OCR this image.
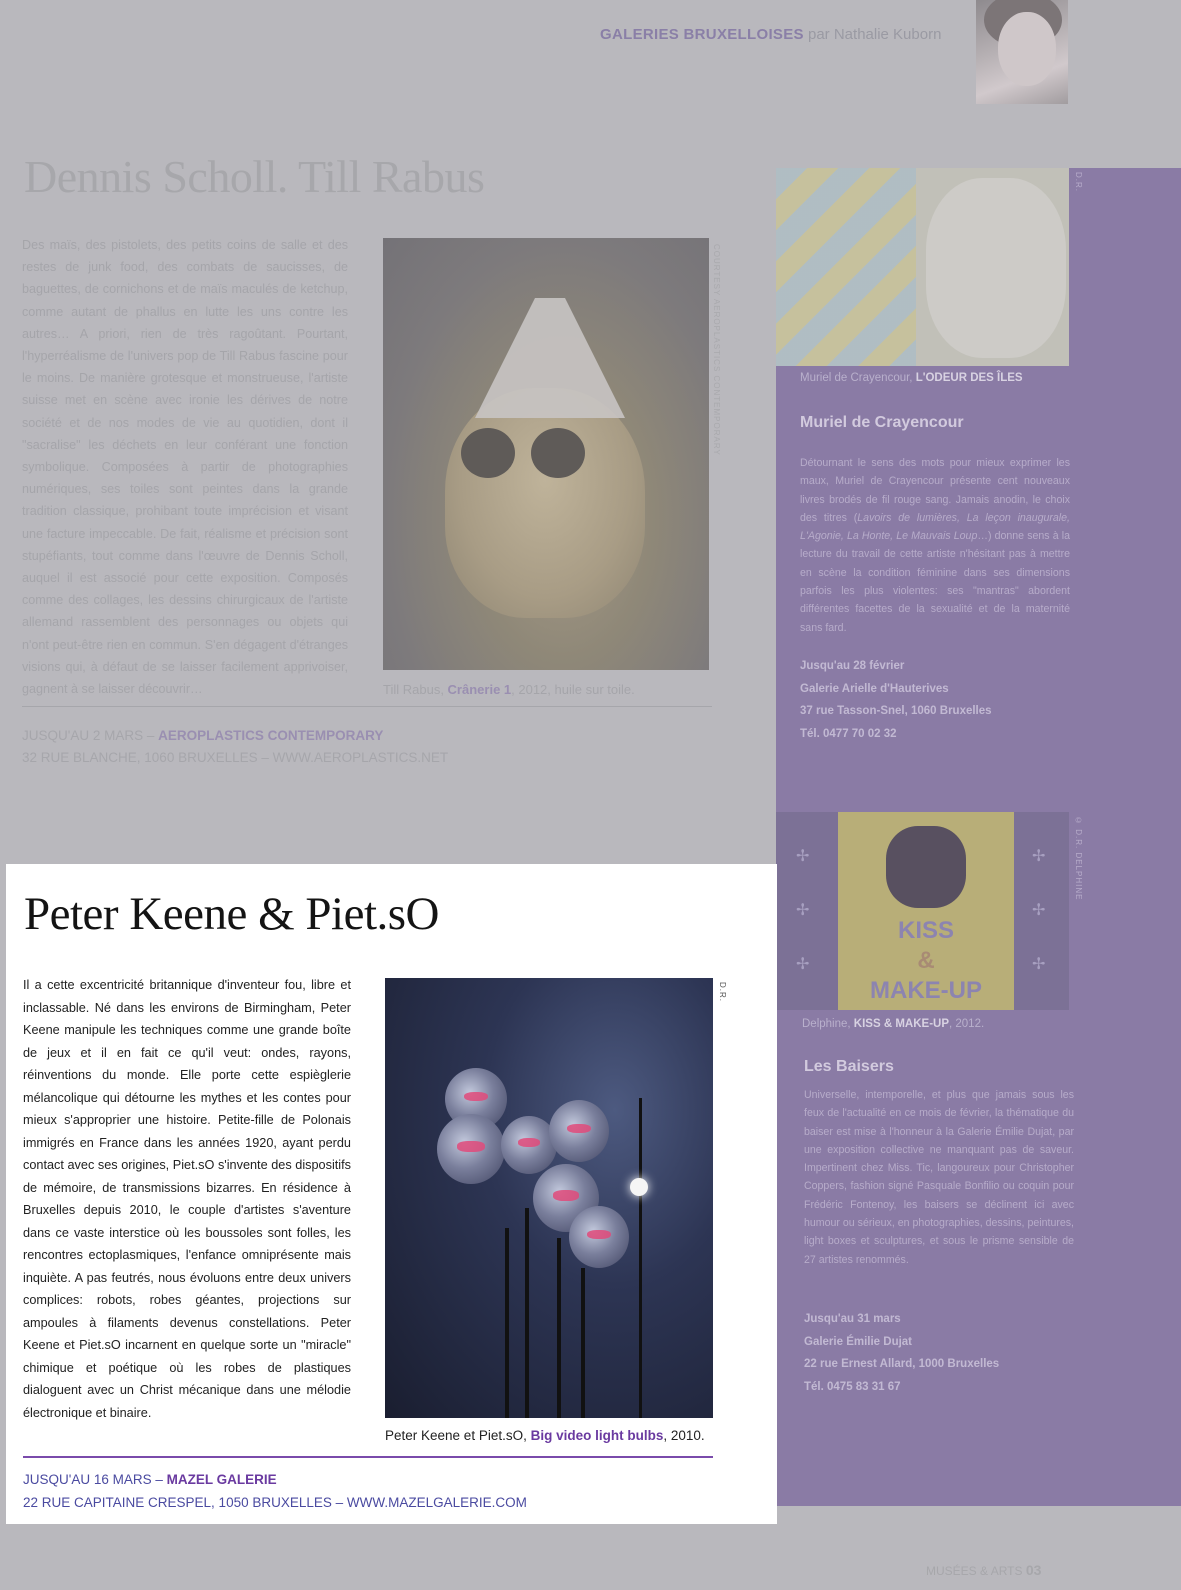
GALERIES BRUXELLOISES par Nathalie Kuborn
Dennis Scholl. Till Rabus
Des maïs, des pistolets, des petits coins de salle et des restes de junk food, des combats de saucisses, de baguettes, de cornichons et de maïs maculés de ketchup, comme autant de phallus en lutte les uns contre les autres… A priori, rien de très ragoûtant. Pourtant, l'hyperréalisme de l'univers pop de Till Rabus fascine pour le moins. De manière grotesque et monstrueuse, l'artiste suisse met en scène avec ironie les dérives de notre société et de nos modes de vie au quotidien, dont il "sacralise" les déchets en leur conférant une fonction symbolique. Composées à partir de photographies numériques, ses toiles sont peintes dans la grande tradition classique, prohibant toute imprécision et visant une facture impeccable. De fait, réalisme et précision sont stupéfiants, tout comme dans l'œuvre de Dennis Scholl, auquel il est associé pour cette exposition. Composés comme des collages, les dessins chirurgicaux de l'artiste allemand rassemblent des personnages ou objets qui n'ont peut-être rien en commun. S'en dégagent d'étranges visions qui, à défaut de se laisser facilement apprivoiser, gagnent à se laisser découvrir…
COURTESY AEROPLASTICS CONTEMPORARY
Till Rabus, Crânerie 1, 2012, huile sur toile.
JUSQU'AU 2 MARS – AEROPLASTICS CONTEMPORARY
32 RUE BLANCHE, 1060 BRUXELLES – WWW.AEROPLASTICS.NET
D.R.
Muriel de Crayencour, L'ODEUR DES ÎLES
Muriel de Crayencour
Détournant le sens des mots pour mieux exprimer les maux, Muriel de Crayencour présente cent nouveaux livres brodés de fil rouge sang. Jamais anodin, le choix des titres (Lavoirs de lumières, La leçon inaugurale, L'Agonie, La Honte, Le Mauvais Loup…) donne sens à la lecture du travail de cette artiste n'hésitant pas à mettre en scène la condition féminine dans ses dimensions parfois les plus violentes: ses "mantras" abordent différentes facettes de la sexualité et de la maternité sans fard.
Jusqu'au 28 février
Galerie Arielle d'Hauterives
37 rue Tasson-Snel, 1060 Bruxelles
Tél. 0477 70 02 32
KISS
&
MAKE-UP
✢
✢
✢
✢
✢
✢
© D.R. DELPHINE
Delphine, KISS & MAKE-UP, 2012.
Les Baisers
Universelle, intemporelle, et plus que jamais sous les feux de l'actualité en ce mois de février, la thématique du baiser est mise à l'honneur à la Galerie Émilie Dujat, par une exposition collective ne manquant pas de saveur. Impertinent chez Miss. Tic, langoureux pour Christopher Coppers, fashion signé Pasquale Bonfilio ou coquin pour Frédéric Fontenoy, les baisers se déclinent ici avec humour ou sérieux, en photographies, dessins, peintures, light boxes et sculptures, et sous le prisme sensible de 27 artistes renommés.
Jusqu'au 31 mars
Galerie Émilie Dujat
22 rue Ernest Allard, 1000 Bruxelles
Tél. 0475 83 31 67
Peter Keene & Piet.sO
Il a cette excentricité britannique d'inventeur fou, libre et inclassable. Né dans les environs de Birmingham, Peter Keene manipule les techniques comme une grande boîte de jeux et il en fait ce qu'il veut: ondes, rayons, réinventions du monde. Elle porte cette espièglerie mélancolique qui détourne les mythes et les contes pour mieux s'approprier une histoire. Petite-fille de Polonais immigrés en France dans les années 1920, ayant perdu contact avec ses origines, Piet.sO s'invente des dispositifs de mémoire, de transmissions bizarres. En résidence à Bruxelles depuis 2010, le couple d'artistes s'aventure dans ce vaste interstice où les boussoles sont folles, les rencontres ectoplasmiques, l'enfance omniprésente mais inquiète. A pas feutrés, nous évoluons entre deux univers complices: robots, robes géantes, projections sur ampoules à filaments devenus constellations. Peter Keene et Piet.sO incarnent en quelque sorte un "miracle" chimique et poétique où les robes de plastiques dialoguent avec un Christ mécanique dans une mélodie électronique et binaire.
D.R.
Peter Keene et Piet.sO, Big video light bulbs, 2010.
JUSQU'AU 16 MARS – MAZEL GALERIE
22 RUE CAPITAINE CRESPEL, 1050 BRUXELLES – WWW.MAZELGALERIE.COM
MUSÉES & ARTS 03
